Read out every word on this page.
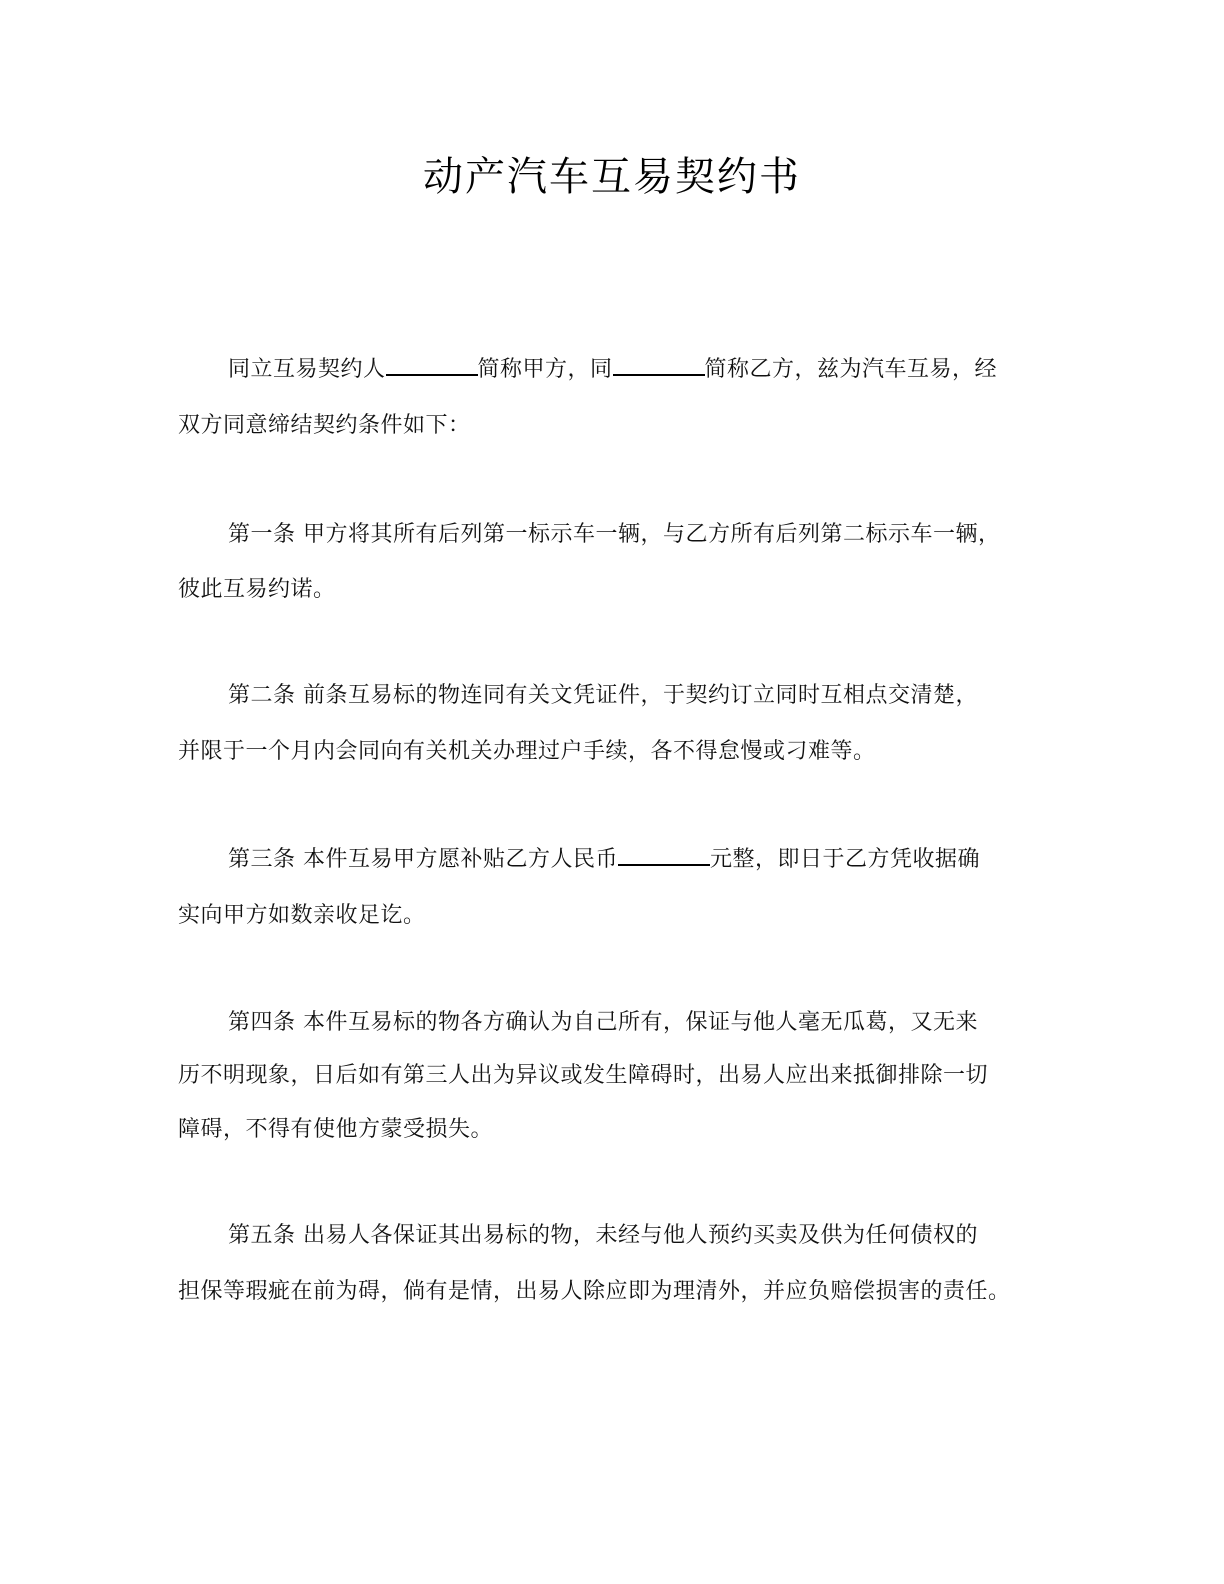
动产汽车互易契约书
同立互易契约人	简称甲方，同	简称乙方，兹为汽车互易，经
双方同意缔结契约条件如下：
第一条 甲方将其所有后列第一标示车一辆，与乙方所有后列第二标示车一辆，
彼此互易约诺。
第二条 前条互易标的物连同有关文凭证件，于契约订立同时互相点交清楚，
并限于一个月内会同向有关机关办理过户手续，各不得怠慢或刁难等。
第三条 本件互易甲方愿补贴乙方人民币	元整，即日于乙方凭收据确
实向甲方如数亲收足讫。
第四条 本件互易标的物各方确认为自己所有，保证与他人毫无瓜葛，又无来
历不明现象，日后如有第三人出为异议或发生障碍时，出易人应出来抵御排除一切
障碍，不得有使他方蒙受损失。
第五条 出易人各保证其出易标的物，未经与他人预约买卖及供为任何债权的
担保等瑕疵在前为碍，倘有是情，出易人除应即为理清外，并应负赔偿损害的责任。
